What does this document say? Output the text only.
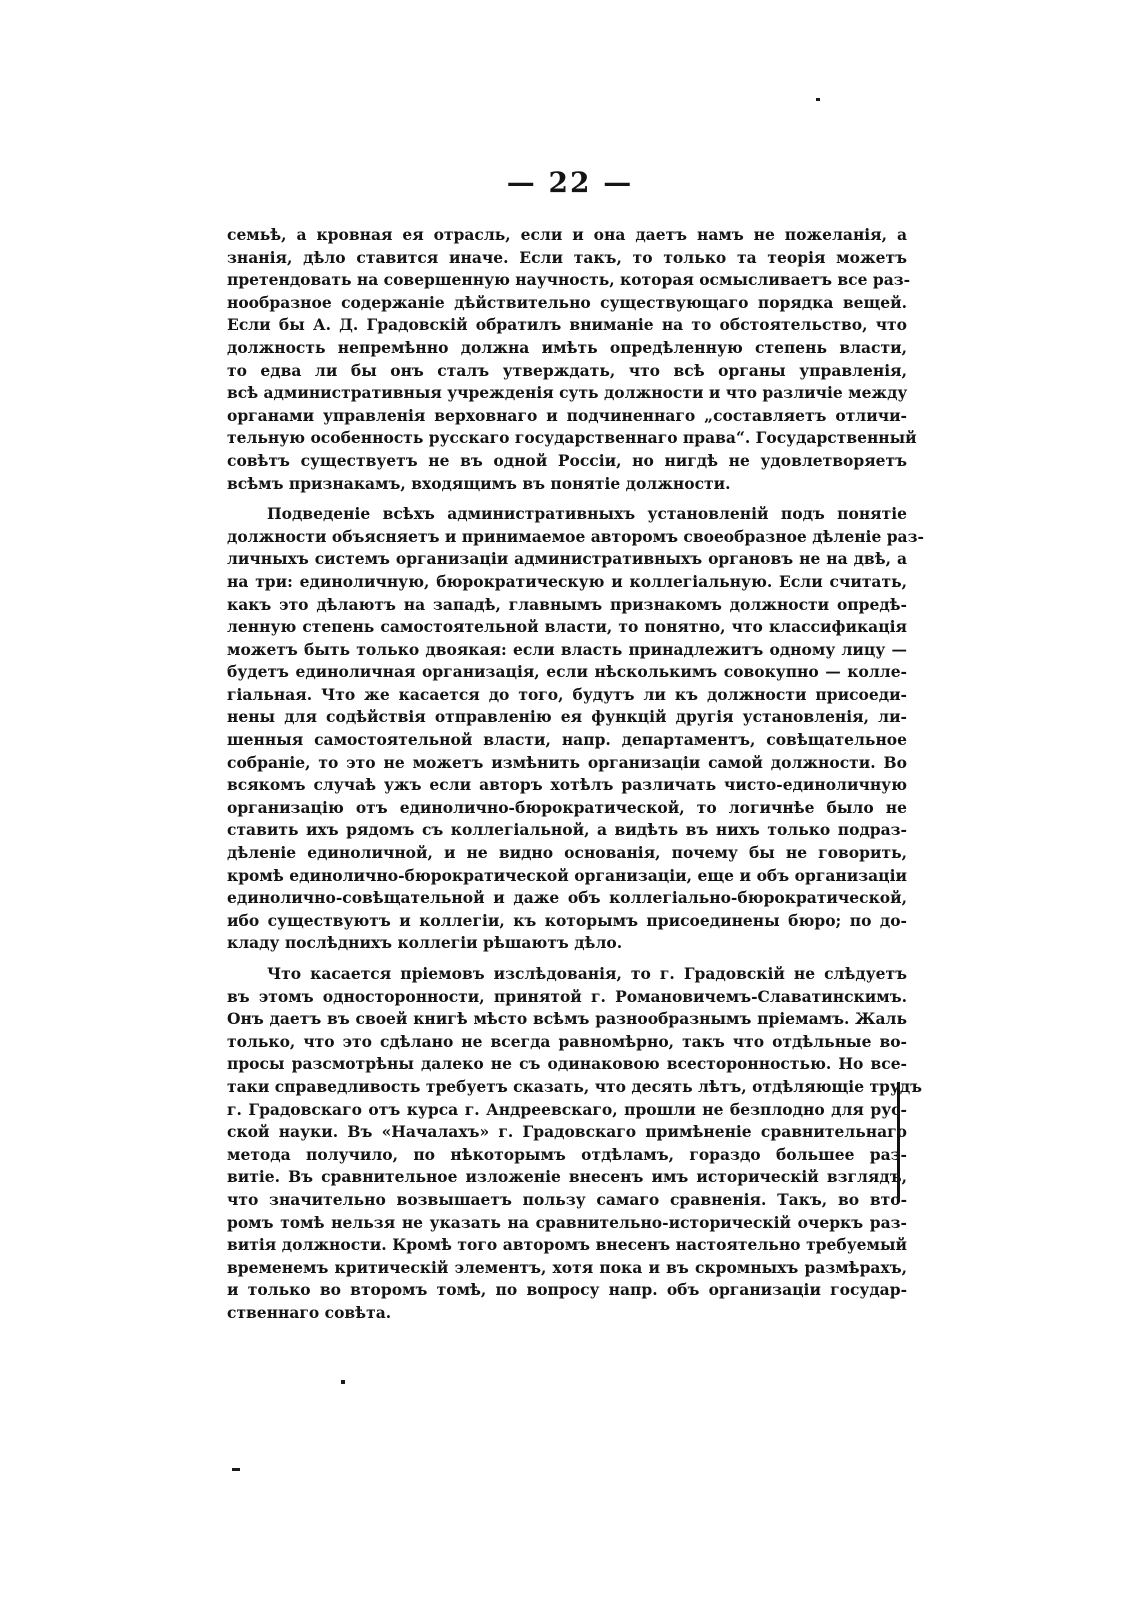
— 22 —
семьѣ, а кровная ея отрасль, если и она даетъ намъ не пожеланія, а
знанія, дѣло ставится иначе. Если такъ, то только та теорія можетъ
претендовать на совершенную научность, которая осмысливаетъ все раз-
нообразное содержаніе дѣйствительно существующаго порядка вещей.
Если бы А. Д. Градовскій обратилъ вниманіе на то обстоятельство, что
должность непремѣнно должна имѣть опредѣленную степень власти,
то едва ли бы онъ сталъ утверждать, что всѣ органы управленія,
всѣ административныя учрежденія суть должности и что различіе между
органами управленія верховнаго и подчиненнаго „составляетъ отличи-
тельную особенность русскаго государственнаго права“. Государственный
совѣтъ существуетъ не въ одной Россіи, но нигдѣ не удовлетворяетъ
всѣмъ признакамъ, входящимъ въ понятіе должности.
Подведеніе всѣхъ административныхъ установленій подъ понятіе
должности объясняетъ и принимаемое авторомъ своеобразное дѣленіе раз-
личныхъ системъ организаціи административныхъ органовъ не на двѣ, а
на три: единоличную, бюрократическую и коллегіальную. Если считать,
какъ это дѣлаютъ на западѣ, главнымъ признакомъ должности опредѣ-
ленную степень самостоятельной власти, то понятно, что классификація
можетъ быть только двоякая: если власть принадлежитъ одному лицу —
будетъ единоличная организація, если нѣсколькимъ совокупно — колле-
гіальная. Что же касается до того, будутъ ли къ должности присоеди-
нены для содѣйствія отправленію ея функцій другія установленія, ли-
шенныя самостоятельной власти, напр. департаментъ, совѣщательное
собраніе, то это не можетъ измѣнить организаціи самой должности. Во
всякомъ случаѣ ужъ если авторъ хотѣлъ различать чисто-единоличную
организацію отъ единолично-бюрократической, то логичнѣе было не
ставить ихъ рядомъ съ коллегіальной, а видѣть въ нихъ только подраз-
дѣленіе единоличной, и не видно основанія, почему бы не говорить,
кромѣ единолично-бюрократической организаціи, еще и объ организаціи
единолично-совѣщательной и даже объ коллегіально-бюрократической,
ибо существуютъ и коллегіи, къ которымъ присоединены бюро; по до-
кладу послѣднихъ коллегіи рѣшаютъ дѣло.
Что касается пріемовъ изслѣдованія, то г. Градовскій не слѣдуетъ
въ этомъ односторонности, принятой г. Романовичемъ-Славатинскимъ.
Онъ даетъ въ своей книгѣ мѣсто всѣмъ разнообразнымъ пріемамъ. Жаль
только, что это сдѣлано не всегда равномѣрно, такъ что отдѣльные во-
просы разсмотрѣны далеко не съ одинаковою всесторонностью. Но все-
таки справедливость требуетъ сказать, что десять лѣтъ, отдѣляющіе трудъ
г. Градовскаго отъ курса г. Андреевскаго, прошли не безплодно для рус-
ской науки. Въ «Началахъ» г. Градовскаго примѣненіе сравнительнаго
метода получило, по нѣкоторымъ отдѣламъ, гораздо большее раз-
витіе. Въ сравнительное изложеніе внесенъ имъ историческій взглядъ,
что значительно возвышаетъ пользу самаго сравненія. Такъ, во вто-
ромъ томѣ нельзя не указать на сравнительно-историческій очеркъ раз-
витія должности. Кромѣ того авторомъ внесенъ настоятельно требуемый
временемъ критическій элементъ, хотя пока и въ скромныхъ размѣрахъ,
и только во второмъ томѣ, по вопросу напр. объ организаціи государ-
ственнаго совѣта.
